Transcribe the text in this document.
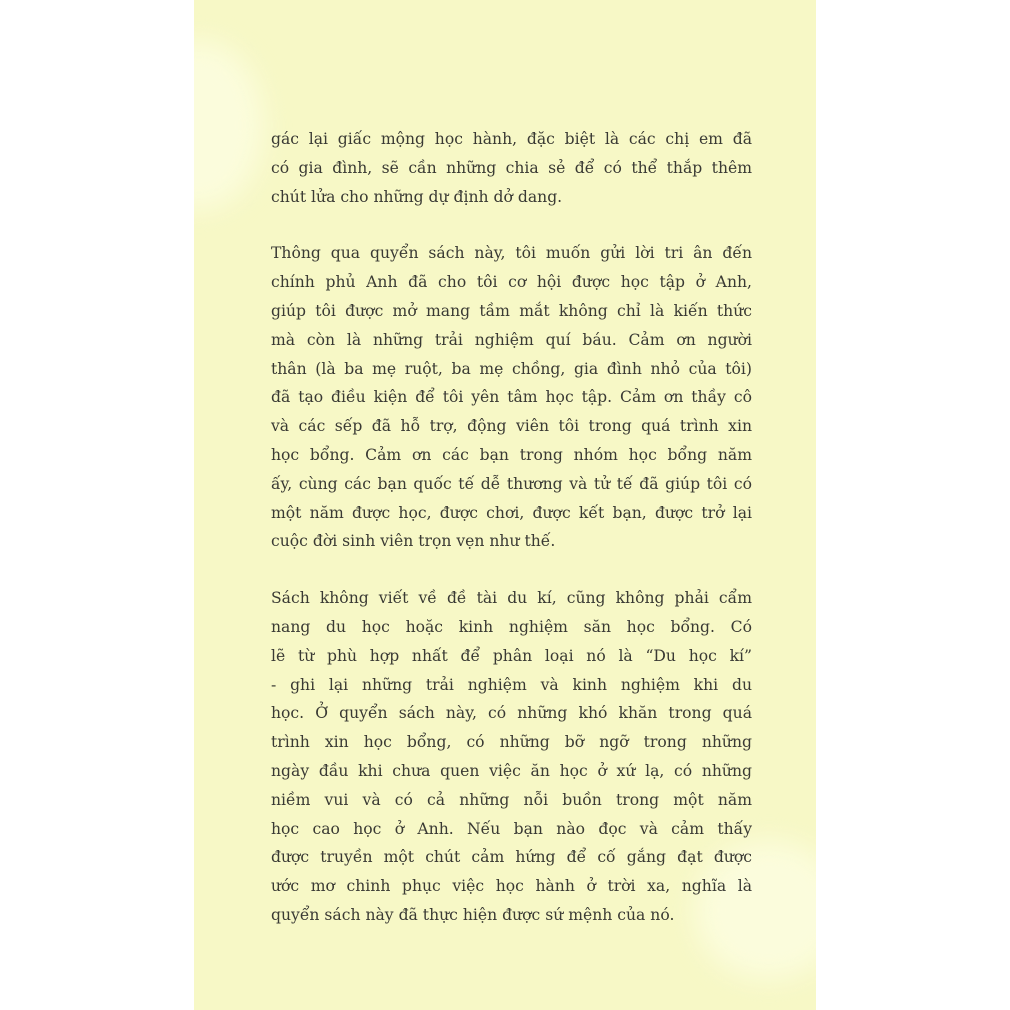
gác lại giấc mộng học hành, đặc biệt là các chị em đã
có gia đình, sẽ cần những chia sẻ để có thể thắp thêm
chút lửa cho những dự định dở dang.

Thông qua quyển sách này, tôi muốn gửi lời tri ân đến
chính phủ Anh đã cho tôi cơ hội được học tập ở Anh,
giúp tôi được mở mang tầm mắt không chỉ là kiến thức
mà còn là những trải nghiệm quí báu. Cảm ơn người
thân (là ba mẹ ruột, ba mẹ chồng, gia đình nhỏ của tôi)
đã tạo điều kiện để tôi yên tâm học tập. Cảm ơn thầy cô
và các sếp đã hỗ trợ, động viên tôi trong quá trình xin
học bổng. Cảm ơn các bạn trong nhóm học bổng năm
ấy, cùng các bạn quốc tế dễ thương và tử tế đã giúp tôi có
một năm được học, được chơi, được kết bạn, được trở lại
cuộc đời sinh viên trọn vẹn như thế.

Sách không viết về đề tài du kí, cũng không phải cẩm
nang du học hoặc kinh nghiệm săn học bổng. Có
lẽ từ phù hợp nhất để phân loại nó là “Du học kí”
- ghi lại những trải nghiệm và kinh nghiệm khi du
học. Ở quyển sách này, có những khó khăn trong quá
trình xin học bổng, có những bỡ ngỡ trong những
ngày đầu khi chưa quen việc ăn học ở xứ lạ, có những
niềm vui và có cả những nỗi buồn trong một năm
học cao học ở Anh. Nếu bạn nào đọc và cảm thấy
được truyền một chút cảm hứng để cố gắng đạt được
ước mơ chinh phục việc học hành ở trời xa, nghĩa là
quyển sách này đã thực hiện được sứ mệnh của nó.
